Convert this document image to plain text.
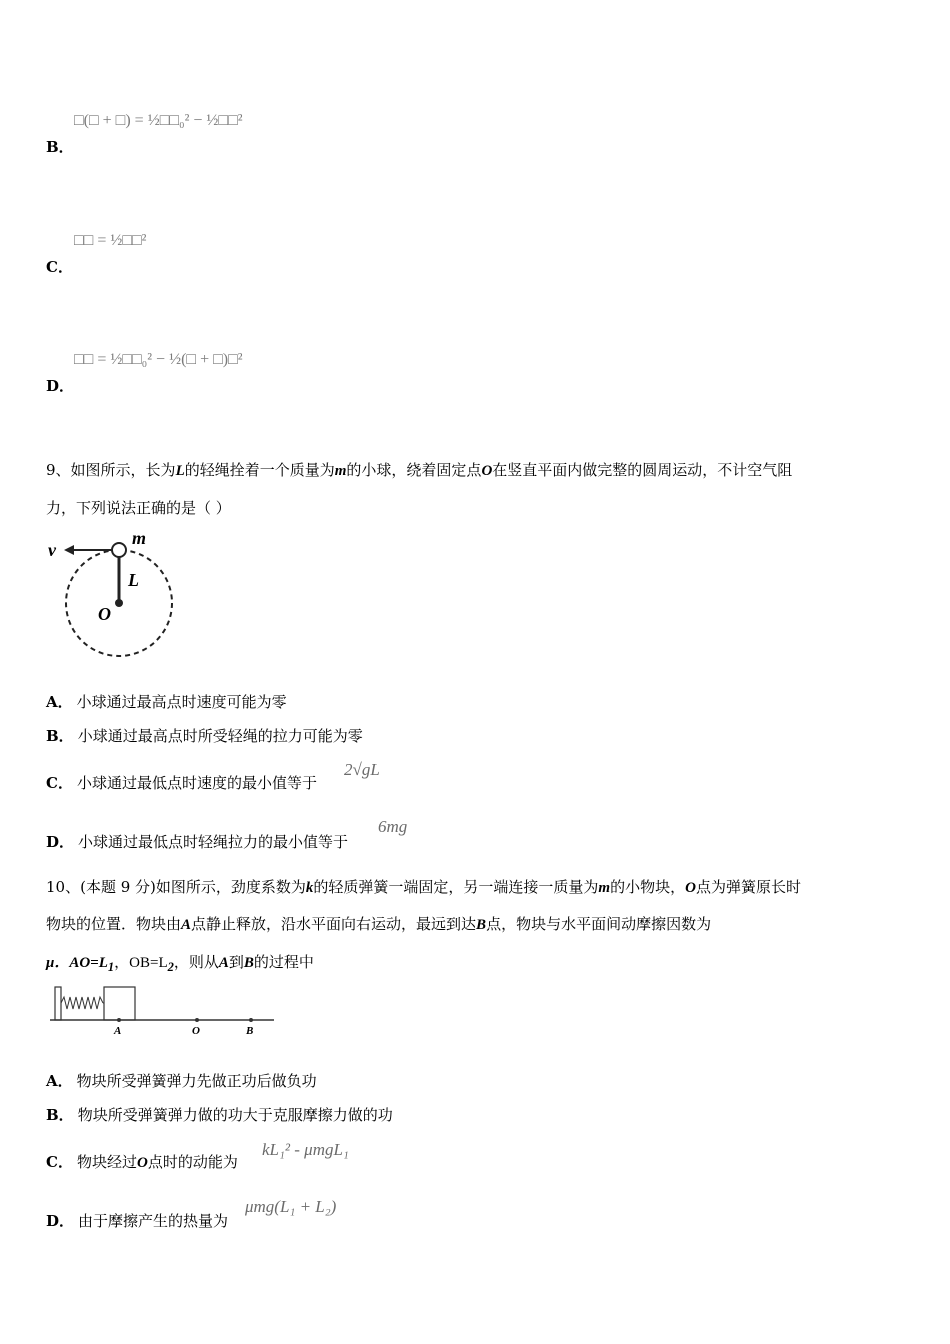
□(□ + □) = ½□□₀² − ½□□²
B．
□□ = ½□□²
C．
□□ = ½□□₀² − ½(□ + □)□²
D．
9、如图所示，长为L的轻绳拴着一个质量为m的小球，绕着固定点O在竖直平面内做完整的圆周运动，不计空气阻
力，下列说法正确的是（ ）
v
m
L
O
A． 小球通过最高点时速度可能为零
B． 小球通过最高点时所受轻绳的拉力可能为零
C． 小球通过最低点时速度的最小值等于
2√gL
D． 小球通过最低点时轻绳拉力的最小值等于
6mg
10、(本题 9 分)如图所示，劲度系数为k的轻质弹簧一端固定，另一端连接一质量为m的小物块，O点为弹簧原长时
物块的位置．物块由A点静止释放，沿水平面向右运动，最远到达B点，物块与水平面间动摩擦因数为
μ．$AO=L_1$，$OB=L_2$，则从A到B的过程中
A	O	B
A． 物块所受弹簧弹力先做正功后做负功
B． 物块所受弹簧弹力做的功大于克服摩擦力做的功
C． 物块经过O点时的动能为
kL₁² - μmgL₁
D． 由于摩擦产生的热量为
μmg(L₁ + L₂)
